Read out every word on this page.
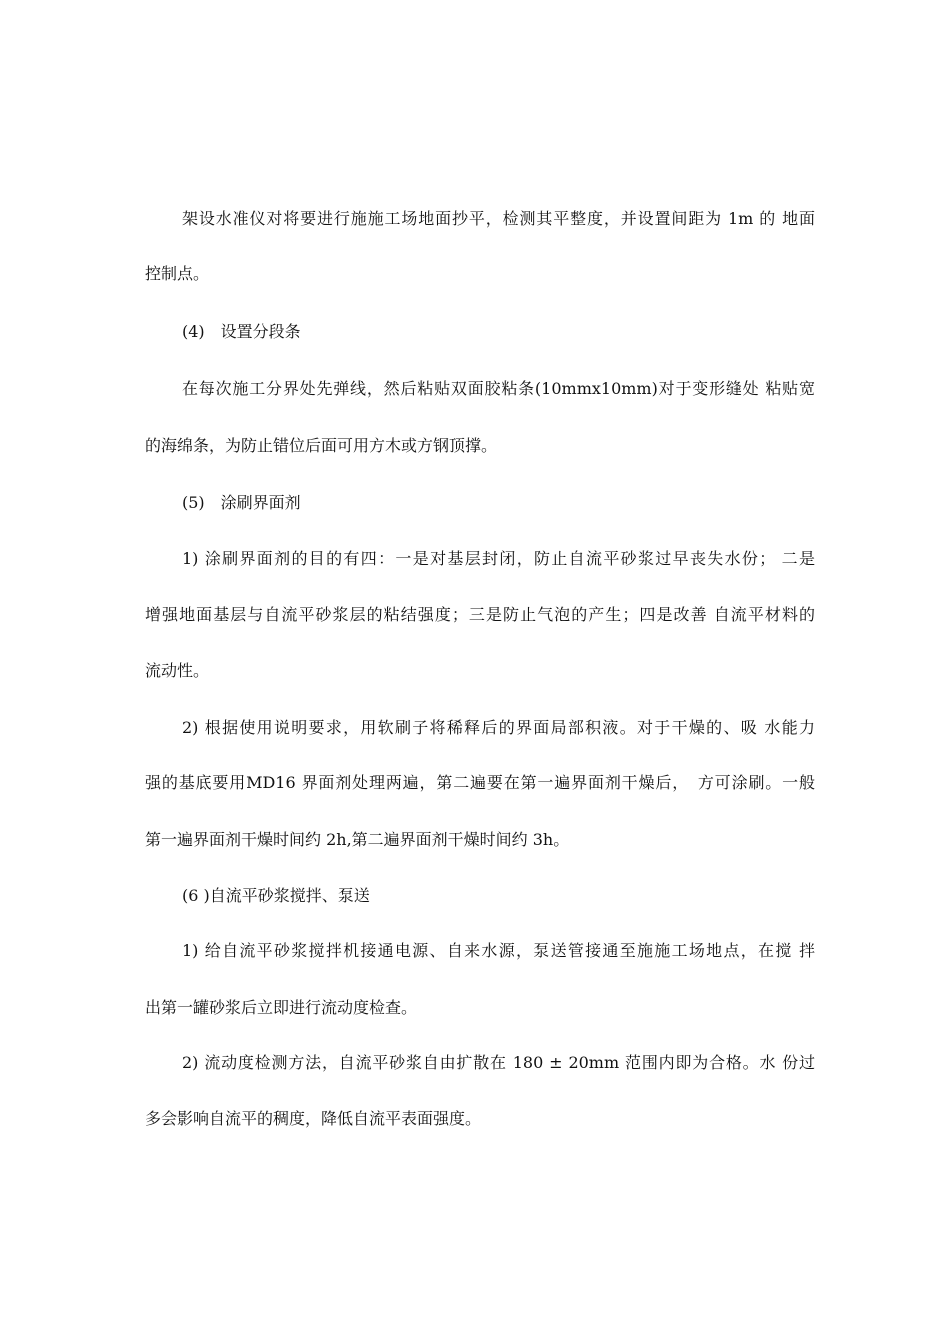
架设水准仪对将要进行施施工场地面抄平，检测其平整度，并设置间距为 1m 的 地面
控制点。
(4)　设置分段条
在每次施工分界处先弹线，然后粘贴双面胶粘条(10mmx10mm)对于变形缝处 粘贴宽
的海绵条，为防止错位后面可用方木或方钢顶撑。
(5)　涂刷界面剂
1) 涂刷界面剂的目的有四：一是对基层封闭，防止自流平砂浆过早丧失水份； 二是
增强地面基层与自流平砂浆层的粘结强度；三是防止气泡的产生；四是改善 自流平材料的
流动性。
2) 根据使用说明要求，用软刷子将稀释后的界面局部积液。对于干燥的、吸 水能力
强的基底要用MD16 界面剂处理两遍，第二遍要在第一遍界面剂干燥后，　方可涂刷。一般
第一遍界面剂干燥时间约 2h,第二遍界面剂干燥时间约 3h。
(6 )自流平砂浆搅拌、泵送
1) 给自流平砂浆搅拌机接通电源、自来水源，泵送管接通至施施工场地点，在搅 拌
出第一罐砂浆后立即进行流动度检查。
2) 流动度检测方法，自流平砂浆自由扩散在 180 ± 20mm 范围内即为合格。水 份过
多会影响自流平的稠度，降低自流平表面强度。
